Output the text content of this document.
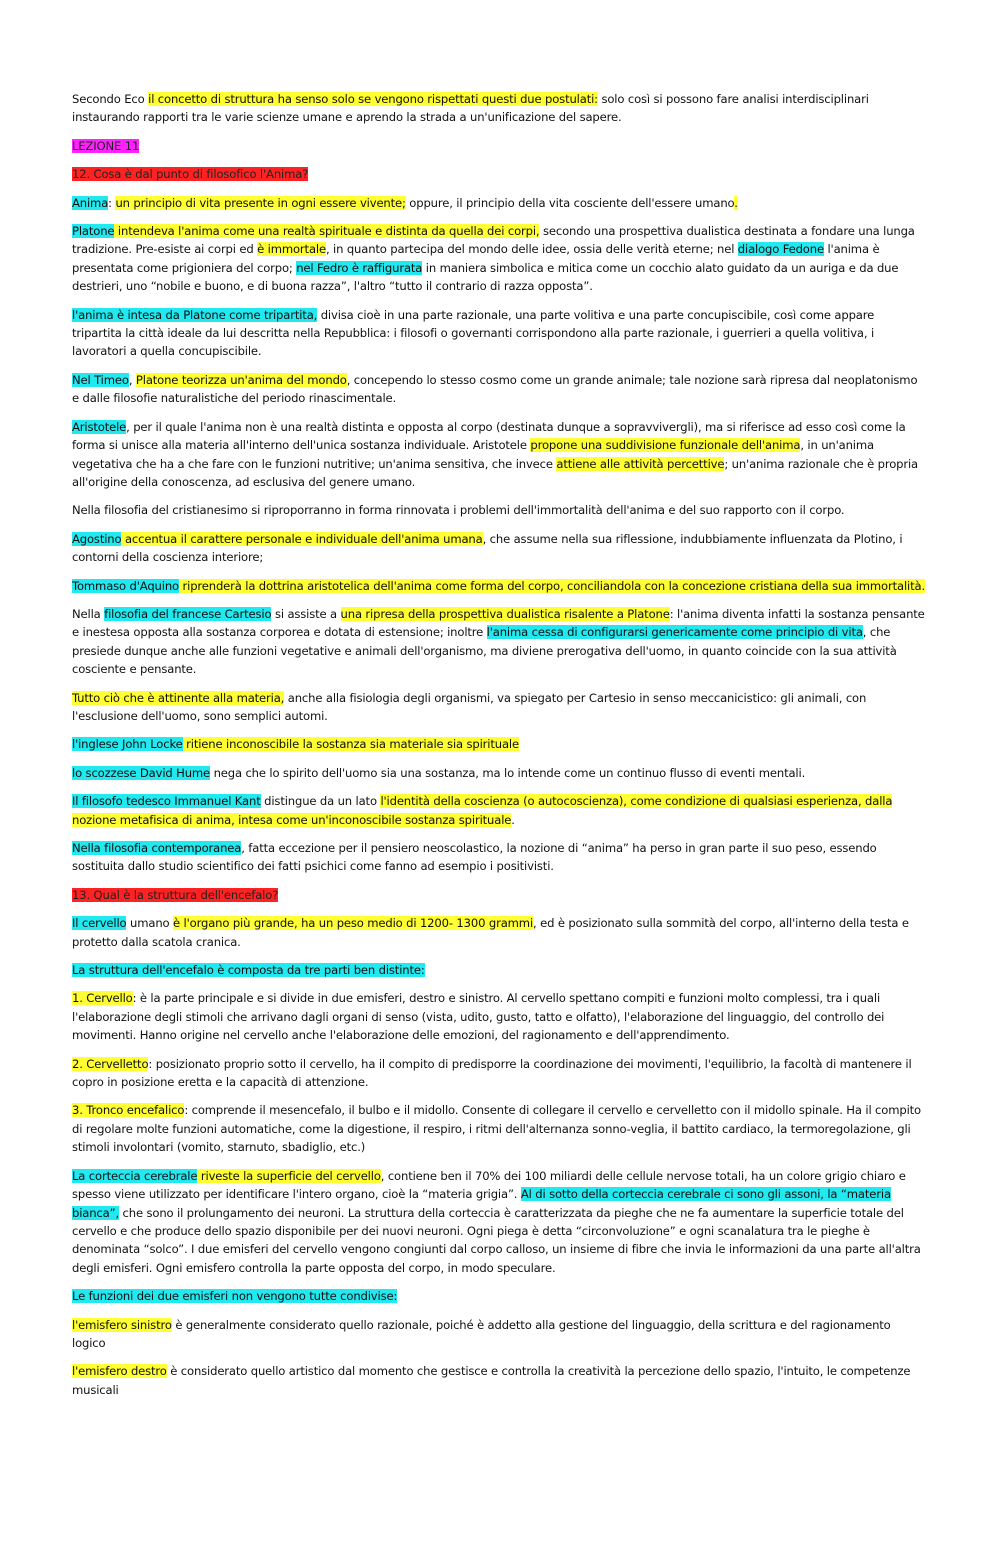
Secondo Eco il concetto di struttura ha senso solo se vengono rispettati questi due postulati: solo così si possono fare analisi interdisciplinari instaurando rapporti tra le varie scienze umane e aprendo la strada a un'unificazione del sapere.

LEZIONE 11

12. Cosa è dal punto di filosofico l'Anima?

Anima: un principio di vita presente in ogni essere vivente; oppure, il principio della vita cosciente dell'essere umano.

Platone intendeva l'anima come una realtà spirituale e distinta da quella dei corpi, secondo una prospettiva dualistica destinata a fondare una lunga tradizione. Pre-esiste ai corpi ed è immortale, in quanto partecipa del mondo delle idee, ossia delle verità eterne; nel dialogo Fedone l'anima è presentata come prigioniera del corpo; nel Fedro è raffigurata in maniera simbolica e mitica come un cocchio alato guidato da un auriga e da due destrieri, uno “nobile e buono, e di buona razza”, l'altro “tutto il contrario di razza opposta”.

l'anima è intesa da Platone come tripartita, divisa cioè in una parte razionale, una parte volitiva e una parte concupiscibile, così come appare tripartita la città ideale da lui descritta nella Repubblica: i filosofi o governanti corrispondono alla parte razionale, i guerrieri a quella volitiva, i lavoratori a quella concupiscibile.

Nel Timeo, Platone teorizza un'anima del mondo, concependo lo stesso cosmo come un grande animale; tale nozione sarà ripresa dal neoplatonismo e dalle filosofie naturalistiche del periodo rinascimentale.

Aristotele, per il quale l'anima non è una realtà distinta e opposta al corpo (destinata dunque a sopravvivergli), ma si riferisce ad esso così come la forma si unisce alla materia all'interno dell'unica sostanza individuale. Aristotele propone una suddivisione funzionale dell'anima, in un'anima vegetativa che ha a che fare con le funzioni nutritive; un'anima sensitiva, che invece attiene alle attività percettive; un'anima razionale che è propria all'origine della conoscenza, ad esclusiva del genere umano.

Nella filosofia del cristianesimo si riproporranno in forma rinnovata i problemi dell'immortalità dell'anima e del suo rapporto con il corpo.

Agostino accentua il carattere personale e individuale dell'anima umana, che assume nella sua riflessione, indubbiamente influenzata da Plotino, i contorni della coscienza interiore;

Tommaso d'Aquino riprenderà la dottrina aristotelica dell'anima come forma del corpo, conciliandola con la concezione cristiana della sua immortalità.

Nella filosofia del francese Cartesio si assiste a una ripresa della prospettiva dualistica risalente a Platone: l'anima diventa infatti la sostanza pensante e inestesa opposta alla sostanza corporea e dotata di estensione; inoltre l'anima cessa di configurarsi genericamente come principio di vita, che presiede dunque anche alle funzioni vegetative e animali dell'organismo, ma diviene prerogativa dell'uomo, in quanto coincide con la sua attività cosciente e pensante.

Tutto ciò che è attinente alla materia, anche alla fisiologia degli organismi, va spiegato per Cartesio in senso meccanicistico: gli animali, con l'esclusione dell'uomo, sono semplici automi.

l'inglese John Locke ritiene inconoscibile la sostanza sia materiale sia spirituale

lo scozzese David Hume nega che lo spirito dell'uomo sia una sostanza, ma lo intende come un continuo flusso di eventi mentali.

Il filosofo tedesco Immanuel Kant distingue da un lato l'identità della coscienza (o autocoscienza), come condizione di qualsiasi esperienza, dalla nozione metafisica di anima, intesa come un'inconoscibile sostanza spirituale.

Nella filosofia contemporanea, fatta eccezione per il pensiero neoscolastico, la nozione di “anima” ha perso in gran parte il suo peso, essendo sostituita dallo studio scientifico dei fatti psichici come fanno ad esempio i positivisti.

13. Qual è la struttura dell'encefalo?

Il cervello umano è l'organo più grande, ha un peso medio di 1200- 1300 grammi, ed è posizionato sulla sommità del corpo, all'interno della testa e protetto dalla scatola cranica.

La struttura dell'encefalo è composta da tre parti ben distinte:

1. Cervello: è la parte principale e si divide in due emisferi, destro e sinistro. Al cervello spettano compiti e funzioni molto complessi, tra i quali l'elaborazione degli stimoli che arrivano dagli organi di senso (vista, udito, gusto, tatto e olfatto), l'elaborazione del linguaggio, del controllo dei movimenti. Hanno origine nel cervello anche l'elaborazione delle emozioni, del ragionamento e dell'apprendimento.

2. Cervelletto: posizionato proprio sotto il cervello, ha il compito di predisporre la coordinazione dei movimenti, l'equilibrio, la facoltà di mantenere il copro in posizione eretta e la capacità di attenzione.

3. Tronco encefalico: comprende il mesencefalo, il bulbo e il midollo. Consente di collegare il cervello e cervelletto con il midollo spinale. Ha il compito di regolare molte funzioni automatiche, come la digestione, il respiro, i ritmi dell'alternanza sonno-veglia, il battito cardiaco, la termoregolazione, gli stimoli involontari (vomito, starnuto, sbadiglio, etc.)

La corteccia cerebrale riveste la superficie del cervello, contiene ben il 70% dei 100 miliardi delle cellule nervose totali, ha un colore grigio chiaro e spesso viene utilizzato per identificare l'intero organo, cioè la “materia grigia”. Al di sotto della corteccia cerebrale ci sono gli assoni, la “materia bianca”, che sono il prolungamento dei neuroni. La struttura della corteccia è caratterizzata da pieghe che ne fa aumentare la superficie totale del cervello e che produce dello spazio disponibile per dei nuovi neuroni. Ogni piega è detta “circonvoluzione” e ogni scanalatura tra le pieghe è denominata “solco”. I due emisferi del cervello vengono congiunti dal corpo calloso, un insieme di fibre che invia le informazioni da una parte all'altra degli emisferi. Ogni emisfero controlla la parte opposta del corpo, in modo speculare.

Le funzioni dei due emisferi non vengono tutte condivise:

l'emisfero sinistro è generalmente considerato quello razionale, poiché è addetto alla gestione del linguaggio, della scrittura e del ragionamento logico

l'emisfero destro è considerato quello artistico dal momento che gestisce e controlla la creatività la percezione dello spazio, l'intuito, le competenze musicali
